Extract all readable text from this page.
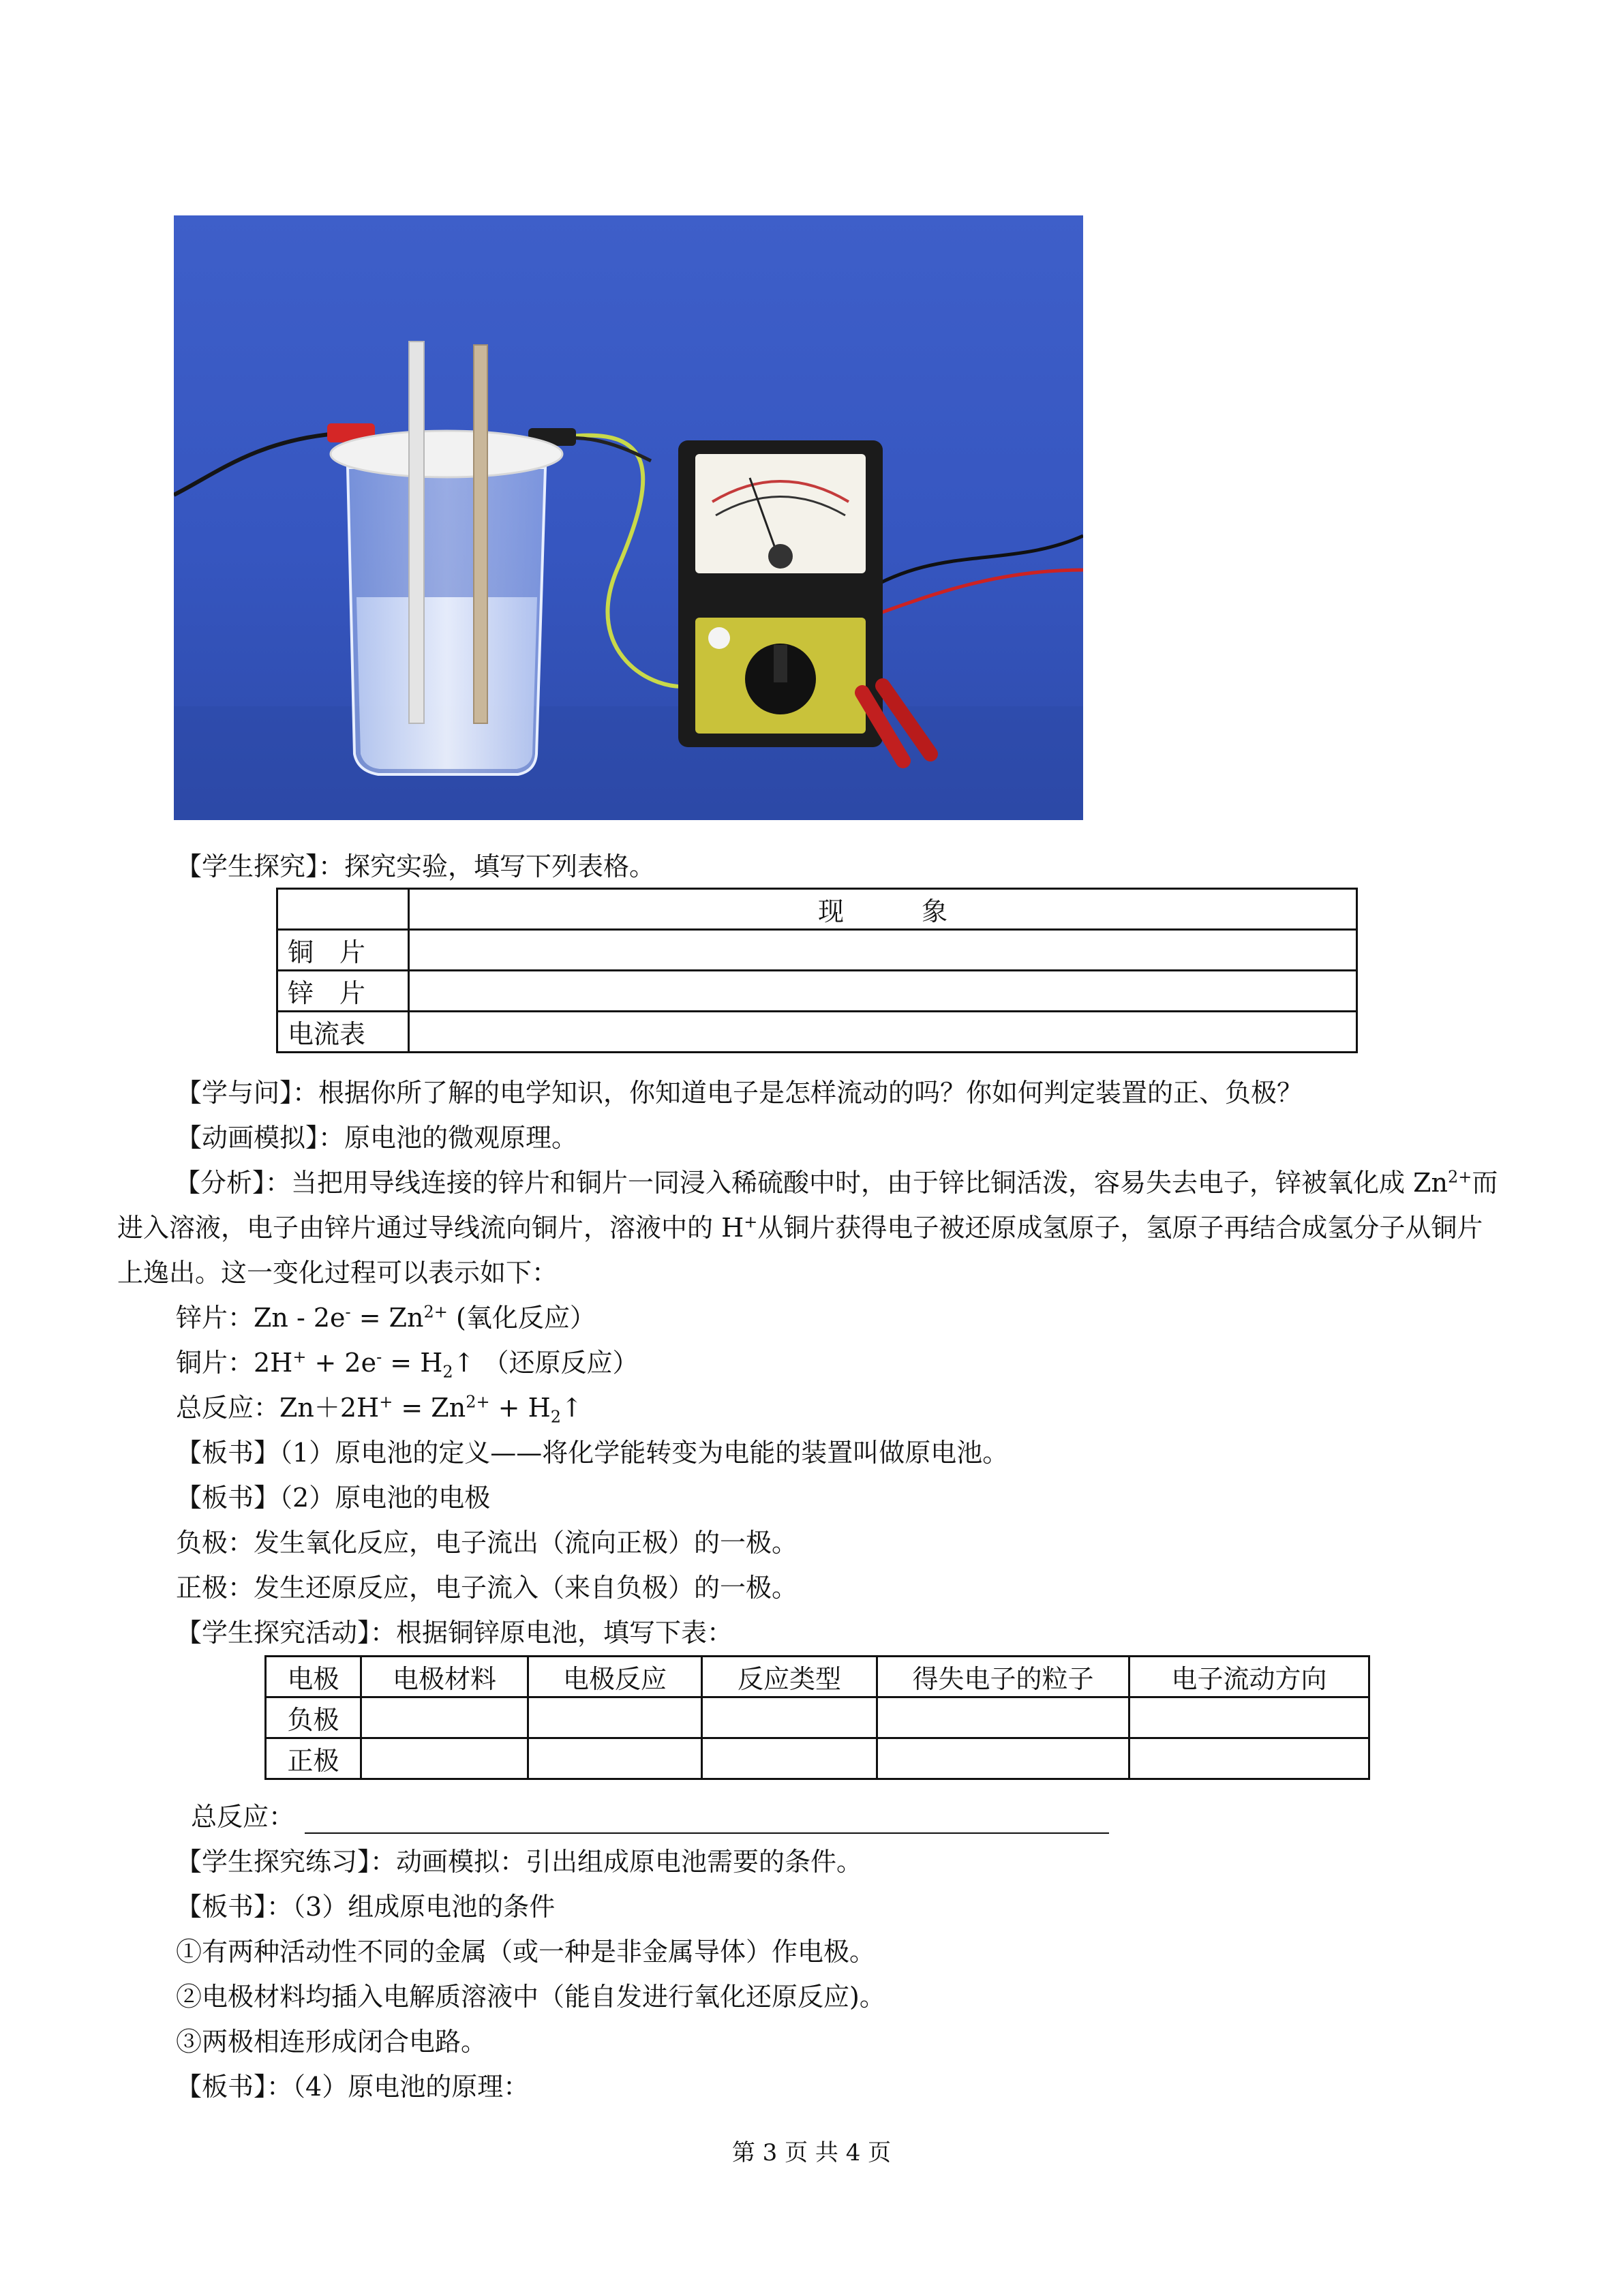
【学生探究】：探究实验，填写下列表格。
	现　　　象
铜　片	
锌　片	
电流表	
【学与问】：根据你所了解的电学知识，你知道电子是怎样流动的吗？你如何判定装置的正、负极？
【动画模拟】：原电池的微观原理。
【分析】：当把用导线连接的锌片和铜片一同浸入稀硫酸中时，由于锌比铜活泼，容易失去电子，锌被氧化成 $Zn^{2+}$而进入溶液，电子由锌片通过导线流向铜片，溶液中的 H+从铜片获得电子被还原成氢原子，氢原子再结合成氢分子从铜片上逸出。这一变化过程可以表示如下：
锌片：$Zn - 2e^- = Zn^{2+}$ (氧化反应）
铜片：$2H^+ + 2e^- = H_2↑$ （还原反应）
总反应：$Zn+2H^+ = Zn^{2+}$ + $H_2↑$
【板书】（1）原电池的定义——将化学能转变为电能的装置叫做原电池。
【板书】（2）原电池的电极
负极：发生氧化反应，电子流出（流向正极）的一极。
正极：发生还原反应，电子流入（来自负极）的一极。
【学生探究活动】：根据铜锌原电池，填写下表：
电极	电极材料	电极反应	反应类型	得失电子的粒子	电子流动方向
负极					
正极					
总反应：
【学生探究练习】：动画模拟：引出组成原电池需要的条件。
【板书】：（3）组成原电池的条件
①有两种活动性不同的金属（或一种是非金属导体）作电极。
②电极材料均插入电解质溶液中（能自发进行氧化还原反应)。
③两极相连形成闭合电路。
【板书】：（4）原电池的原理：
第 3 页 共 4 页
